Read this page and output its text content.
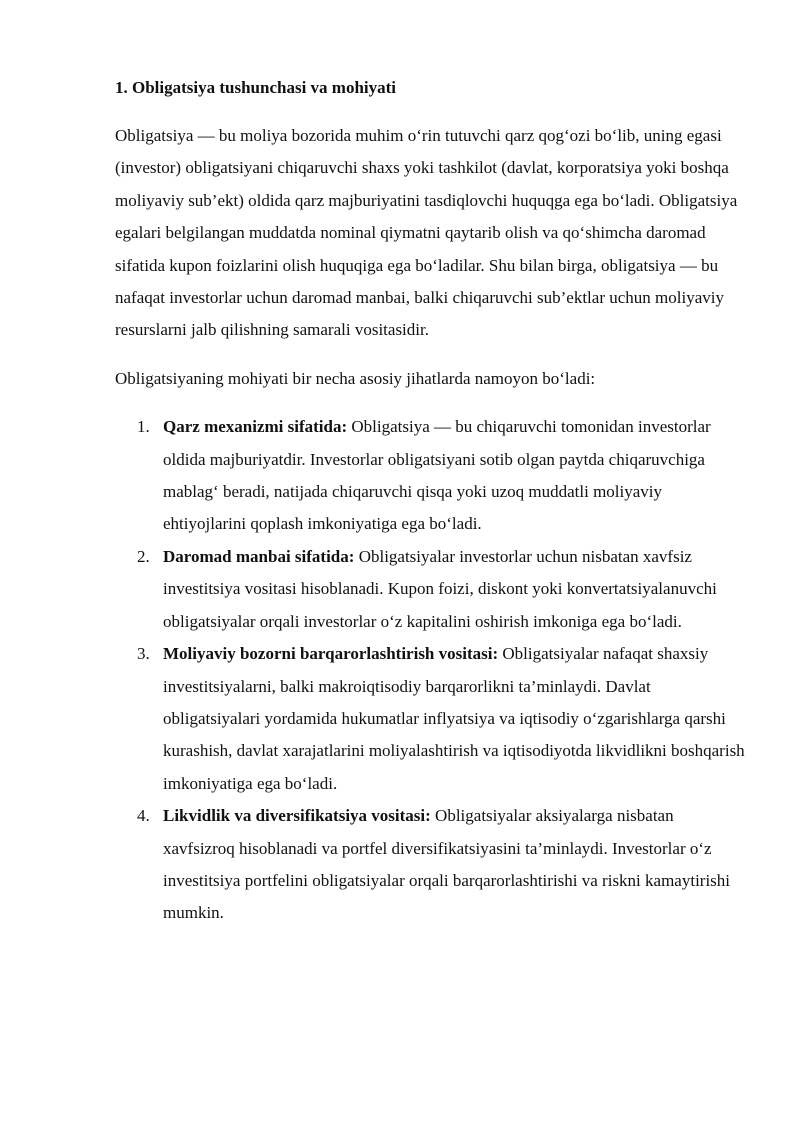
1. Obligatsiya tushunchasi va mohiyati

Obligatsiya — bu moliya bozorida muhim o‘rin tutuvchi qarz qog‘ozi bo‘lib, uning egasi (investor) obligatsiyani chiqaruvchi shaxs yoki tashkilot (davlat, korporatsiya yoki boshqa moliyaviy sub’ekt) oldida qarz majburiyatini tasdiqlovchi huquqga ega bo‘ladi. Obligatsiya egalari belgilangan muddatda nominal qiymatni qaytarib olish va qo‘shimcha daromad sifatida kupon foizlarini olish huquqiga ega bo‘ladilar. Shu bilan birga, obligatsiya — bu nafaqat investorlar uchun daromad manbai, balki chiqaruvchi sub’ektlar uchun moliyaviy resurslarni jalb qilishning samarali vositasidir.

Obligatsiyaning mohiyati bir necha asosiy jihatlarda namoyon bo‘ladi:

1. Qarz mexanizmi sifatida: Obligatsiya — bu chiqaruvchi tomonidan investorlar oldida majburiyatdir. Investorlar obligatsiyani sotib olgan paytda chiqaruvchiga mablag‘ beradi, natijada chiqaruvchi qisqa yoki uzoq muddatli moliyaviy ehtiyojlarini qoplash imkoniyatiga ega bo‘ladi.
2. Daromad manbai sifatida: Obligatsiyalar investorlar uchun nisbatan xavfsiz investitsiya vositasi hisoblanadi. Kupon foizi, diskont yoki konvertatsiyalanuvchi obligatsiyalar orqali investorlar o‘z kapitalini oshirish imkoniga ega bo‘ladi.
3. Moliyaviy bozorni barqarorlashtirish vositasi: Obligatsiyalar nafaqat shaxsiy investitsiyalarni, balki makroiqtisodiy barqarorlikni ta’minlaydi. Davlat obligatsiyalari yordamida hukumatlar inflyatsiya va iqtisodiy o‘zgarishlarga qarshi kurashish, davlat xarajatlarini moliyalashtirish va iqtisodiyotda likvidlikni boshqarish imkoniyatiga ega bo‘ladi.
4. Likvidlik va diversifikatsiya vositasi: Obligatsiyalar aksiyalarga nisbatan xavfsizroq hisoblanadi va portfel diversifikatsiyasini ta’minlaydi. Investorlar o‘z investitsiya portfelini obligatsiyalar orqali barqarorlashtirishi va riskni kamaytirishi mumkin.
